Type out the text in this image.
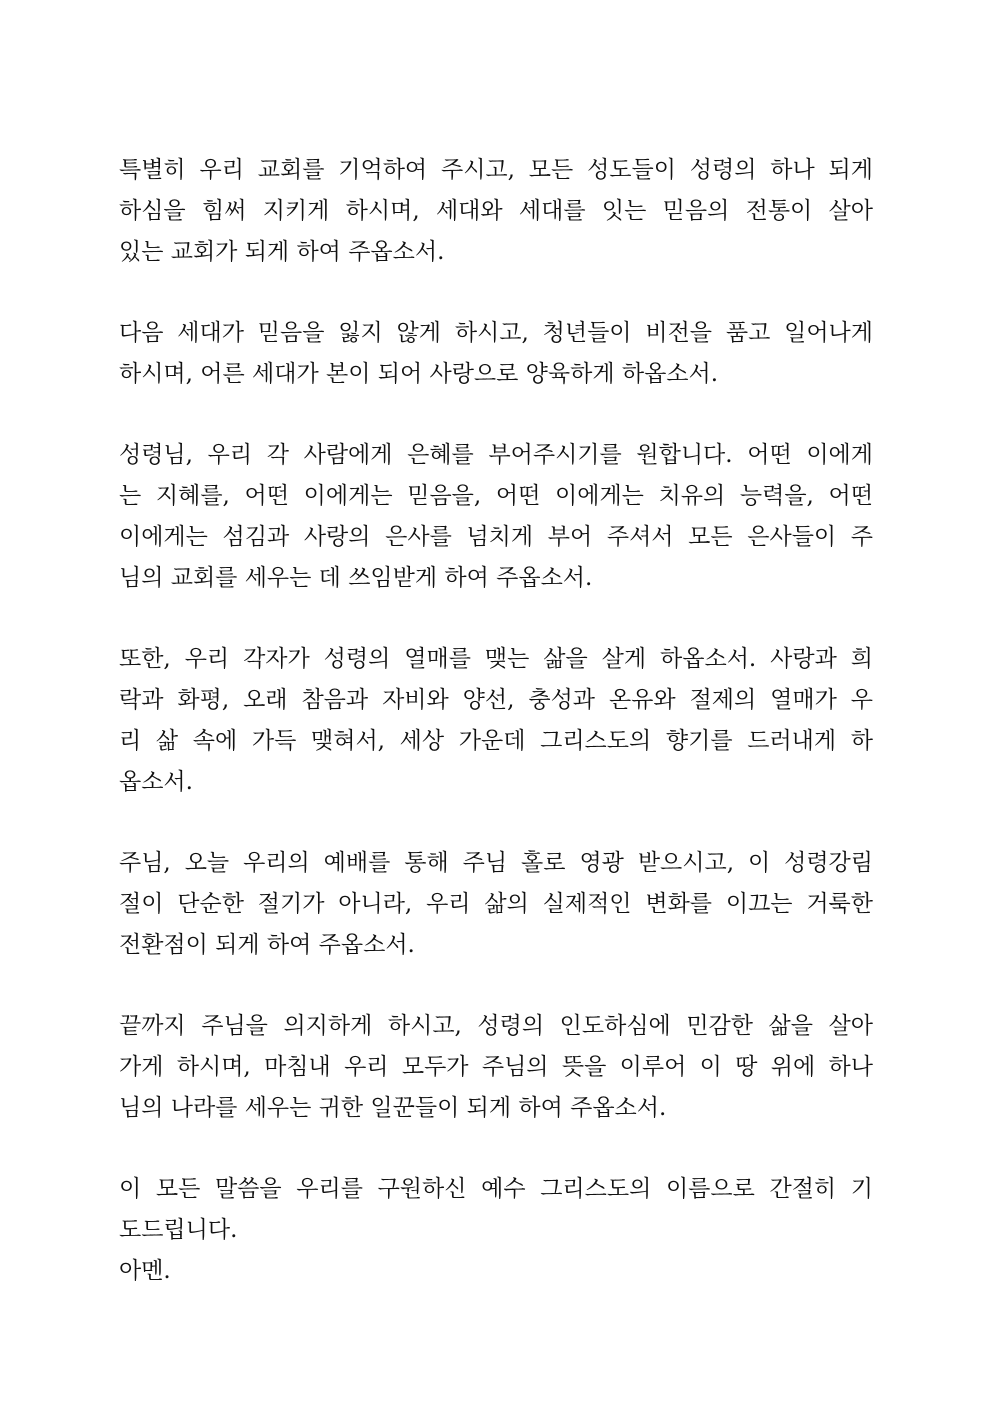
특별히 우리 교회를 기억하여 주시고, 모든 성도들이 성령의 하나 되게
하심을 힘써 지키게 하시며, 세대와 세대를 잇는 믿음의 전통이 살아
있는 교회가 되게 하여 주옵소서.
다음 세대가 믿음을 잃지 않게 하시고, 청년들이 비전을 품고 일어나게
하시며, 어른 세대가 본이 되어 사랑으로 양육하게 하옵소서.
성령님, 우리 각 사람에게 은혜를 부어주시기를 원합니다. 어떤 이에게
는 지혜를, 어떤 이에게는 믿음을, 어떤 이에게는 치유의 능력을, 어떤
이에게는 섬김과 사랑의 은사를 넘치게 부어 주셔서 모든 은사들이 주
님의 교회를 세우는 데 쓰임받게 하여 주옵소서.
또한, 우리 각자가 성령의 열매를 맺는 삶을 살게 하옵소서. 사랑과 희
락과 화평, 오래 참음과 자비와 양선, 충성과 온유와 절제의 열매가 우
리 삶 속에 가득 맺혀서, 세상 가운데 그리스도의 향기를 드러내게 하
옵소서.
주님, 오늘 우리의 예배를 통해 주님 홀로 영광 받으시고, 이 성령강림
절이 단순한 절기가 아니라, 우리 삶의 실제적인 변화를 이끄는 거룩한
전환점이 되게 하여 주옵소서.
끝까지 주님을 의지하게 하시고, 성령의 인도하심에 민감한 삶을 살아
가게 하시며, 마침내 우리 모두가 주님의 뜻을 이루어 이 땅 위에 하나
님의 나라를 세우는 귀한 일꾼들이 되게 하여 주옵소서.
이 모든 말씀을 우리를 구원하신 예수 그리스도의 이름으로 간절히 기
도드립니다.
아멘.
